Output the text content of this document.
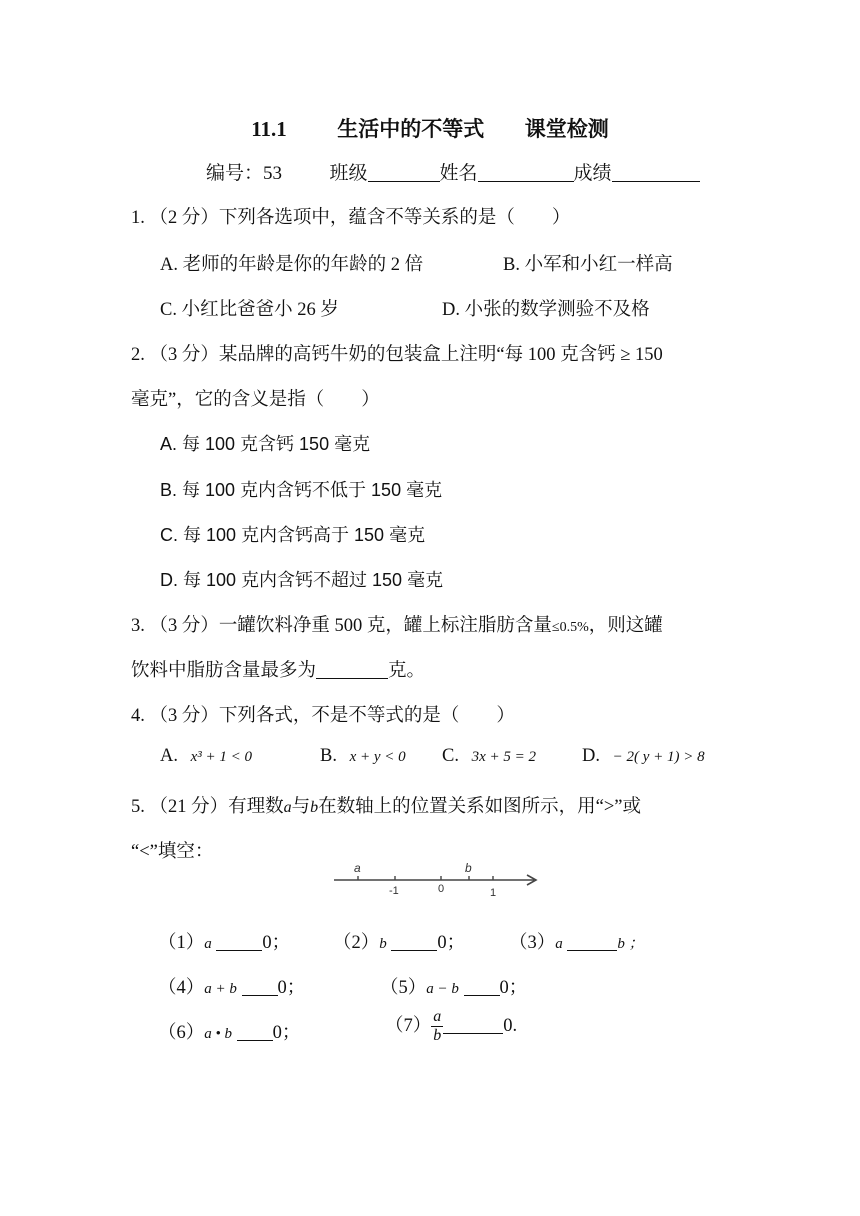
11.1 生活中的不等式 课堂检测
编号：53	班级	姓名	成绩
1. （2 分）下列各选项中，蕴含不等关系的是（　　）
A. 老师的年龄是你的年龄的 2 倍	B. 小军和小红一样高
C. 小红比爸爸小 26 岁	D. 小张的数学测验不及格
2. （3 分）某品牌的高钙牛奶的包装盒上注明“每 100 克含钙 ≥ 150
毫克”，它的含义是指（　　）
A. 每 100 克含钙 150 毫克
B. 每 100 克内含钙不低于 150 毫克
C. 每 100 克内含钙高于 150 毫克
D. 每 100 克内含钙不超过 150 毫克
3. （3 分）一罐饮料净重 500 克，罐上标注脂肪含量≤0.5%，则这罐
饮料中脂肪含量最多为	克。
4. （3 分）下列各式，不是不等式的是（　　）
A. x³ + 1 < 0	B. x + y < 0 C. 3x + 5 = 2 D. − 2( y + 1) > 8
5. （21 分）有理数a与b在数轴上的位置关系如图所示，用“>”或
“<”填空：
a	b
-1	0	1
（1）a	0； （2）b	0； （3）a	b ；
（4）a + b 0；	（5）a − b 0；
（6）a • b 0；	$(7) \frac{a}{b}$	0.
